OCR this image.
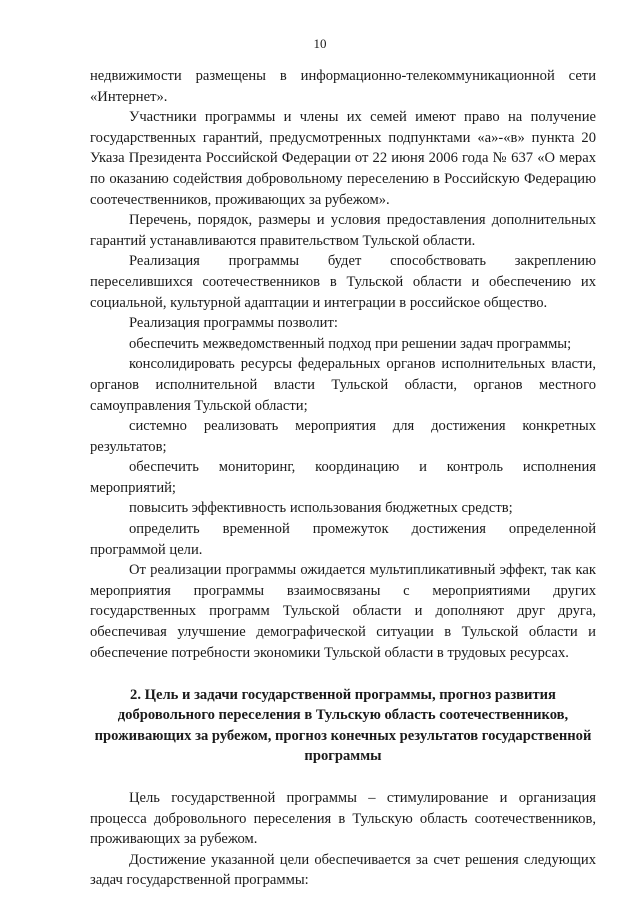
10

недвижимости размещены в информационно-телекоммуникационной сети «Интернет».

Участники программы и члены их семей имеют право на получение государственных гарантий, предусмотренных подпунктами «а»-«в» пункта 20 Указа Президента Российской Федерации от 22 июня 2006 года № 637 «О мерах по оказанию содействия добровольному переселению в Российскую Федерацию соотечественников, проживающих за рубежом».

Перечень, порядок, размеры и условия предоставления дополнительных гарантий устанавливаются правительством Тульской области.

Реализация программы будет способствовать закреплению переселившихся соотечественников в Тульской области и обеспечению их социальной, культурной адаптации и интеграции в российское общество.

Реализация программы позволит:

обеспечить межведомственный подход при решении задач программы;

консолидировать ресурсы федеральных органов исполнительных власти, органов исполнительной власти Тульской области, органов местного самоуправления Тульской области;

системно реализовать мероприятия для достижения конкретных результатов;

обеспечить мониторинг, координацию и контроль исполнения мероприятий;

повысить эффективность использования бюджетных средств;

определить временной промежуток достижения определенной программой цели.

От реализации программы ожидается мультипликативный эффект, так как мероприятия программы взаимосвязаны с мероприятиями других государственных программ Тульской области и дополняют друг друга, обеспечивая улучшение демографической ситуации в Тульской области и обеспечение потребности экономики Тульской области в трудовых ресурсах.

2. Цель и задачи государственной программы, прогноз развития добровольного переселения в Тульскую область соотечественников, проживающих за рубежом, прогноз конечных результатов государственной программы

Цель государственной программы – стимулирование и организация процесса добровольного переселения в Тульскую область соотечественников, проживающих за рубежом.

Достижение указанной цели обеспечивается за счет решения следующих задач государственной программы:
